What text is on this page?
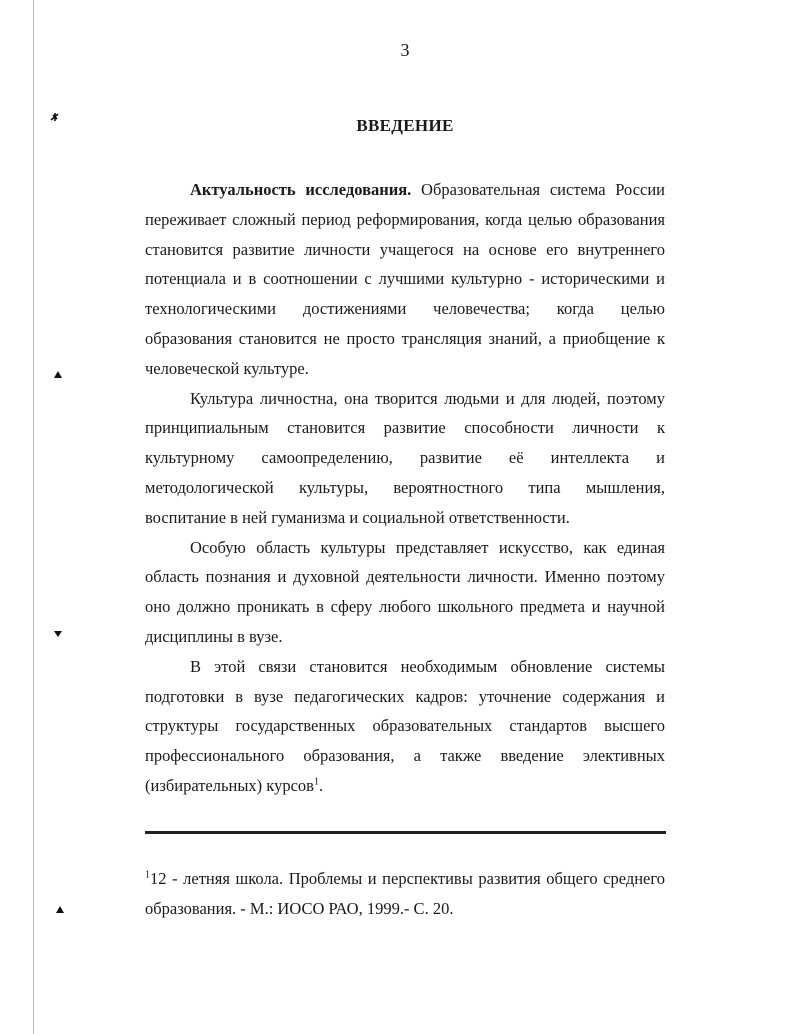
3
ВВЕДЕНИЕ

Актуальность исследования. Образовательная система России переживает сложный период реформирования, когда целью образования становится развитие личности учащегося на основе его внутреннего потенциала и в соотношении с лучшими культурно - историческими и технологическими достижениями человечества; когда целью образования становится не просто трансляция знаний, а приобщение к человеческой культуре.

Культура личностна, она творится людьми и для людей, поэтому принципиальным становится развитие способности личности к культурному самоопределению, развитие её интеллекта и методологической культуры, вероятностного типа мышления, воспитание в ней гуманизма и социальной ответственности.

Особую область культуры представляет искусство, как единая область познания и духовной деятельности личности. Именно поэтому оно должно проникать в сферу любого школьного предмета и научной дисциплины в вузе.

В этой связи становится необходимым обновление системы подготовки в вузе педагогических кадров: уточнение содержания и структуры государственных образовательных стандартов высшего профессионального образования, а также введение элективных (избирательных) курсов$^1$.

$^1$12 - летняя школа. Проблемы и перспективы развития общего среднего образования. - М.: ИОСО РАО, 1999.- С. 20.
